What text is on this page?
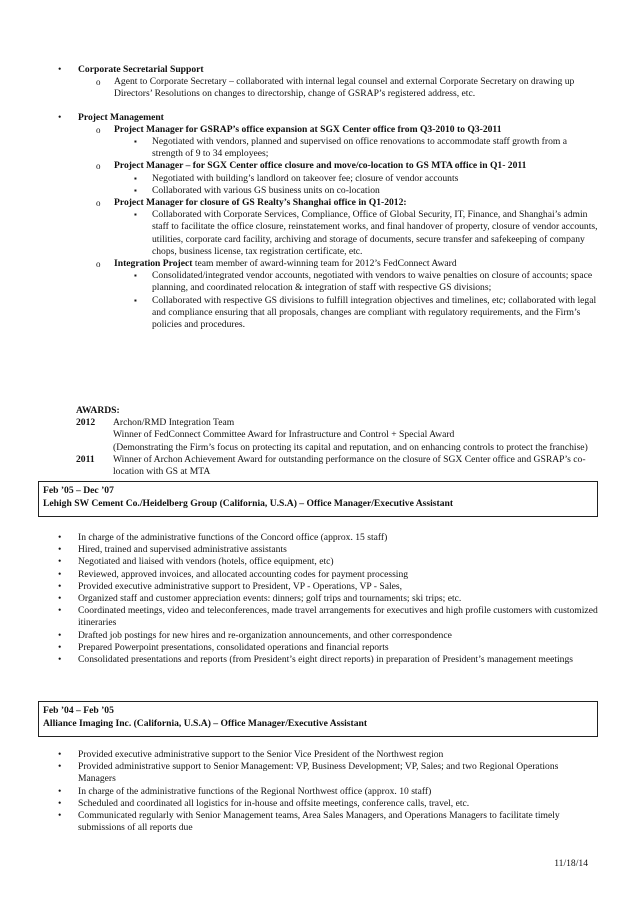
• Corporate Secretarial Support
o Agent to Corporate Secretary – collaborated with internal legal counsel and external Corporate Secretary on drawing up Directors’ Resolutions on changes to directorship, change of GSRAP’s registered address, etc.
• Project Management
o Project Manager for GSRAP’s office expansion at SGX Center office from Q3-2010 to Q3-2011
▪ Negotiated with vendors, planned and supervised on office renovations to accommodate staff growth from a strength of 9 to 34 employees;
o Project Manager – for SGX Center office closure and move/co-location to GS MTA office in Q1- 2011
▪ Negotiated with building’s landlord on takeover fee; closure of vendor accounts
▪ Collaborated with various GS business units on co-location
o Project Manager for closure of GS Realty’s Shanghai office in Q1-2012:
▪ Collaborated with Corporate Services, Compliance, Office of Global Security, IT, Finance, and Shanghai’s admin staff to facilitate the office closure, reinstatement works, and final handover of property, closure of vendor accounts, utilities, corporate card facility, archiving and storage of documents, secure transfer and safekeeping of company chops, business license, tax registration certificate, etc.
o Integration Project team member of award-winning team for 2012’s FedConnect Award
▪ Consolidated/integrated vendor accounts, negotiated with vendors to waive penalties on closure of accounts; space planning, and coordinated relocation & integration of staff with respective GS divisions;
▪ Collaborated with respective GS divisions to fulfill integration objectives and timelines, etc; collaborated with legal and compliance ensuring that all proposals, changes are compliant with regulatory requirements, and the Firm’s policies and procedures.
AWARDS:
2012	Archon/RMD Integration Team
Winner of FedConnect Committee Award for Infrastructure and Control + Special Award
(Demonstrating the Firm’s focus on protecting its capital and reputation, and on enhancing controls to protect the franchise)
2011	Winner of Archon Achievement Award for outstanding performance on the closure of SGX Center office and GSRAP’s co-location with GS at MTA
Feb ’05 – Dec ’07
Lehigh SW Cement Co./Heidelberg Group (California, U.S.A) – Office Manager/Executive Assistant
• In charge of the administrative functions of the Concord office (approx. 15 staff)
• Hired, trained and supervised administrative assistants
• Negotiated and liaised with vendors (hotels, office equipment, etc)
• Reviewed, approved invoices, and allocated accounting codes for payment processing
• Provided executive administrative support to President, VP - Operations, VP - Sales,
• Organized staff and customer appreciation events: dinners; golf trips and tournaments; ski trips; etc.
• Coordinated meetings, video and teleconferences, made travel arrangements for executives and high profile customers with customized itineraries
• Drafted job postings for new hires and re-organization announcements, and other correspondence
• Prepared Powerpoint presentations, consolidated operations and financial reports
• Consolidated presentations and reports (from President’s eight direct reports) in preparation of President’s management meetings
Feb ’04 – Feb ’05
Alliance Imaging Inc. (California, U.S.A) – Office Manager/Executive Assistant
• Provided executive administrative support to the Senior Vice President of the Northwest region
• Provided administrative support to Senior Management: VP, Business Development; VP, Sales; and two Regional Operations Managers
• In charge of the administrative functions of the Regional Northwest office (approx. 10 staff)
• Scheduled and coordinated all logistics for in-house and offsite meetings, conference calls, travel, etc.
• Communicated regularly with Senior Management teams, Area Sales Managers, and Operations Managers to facilitate timely submissions of all reports due
11/18/14
